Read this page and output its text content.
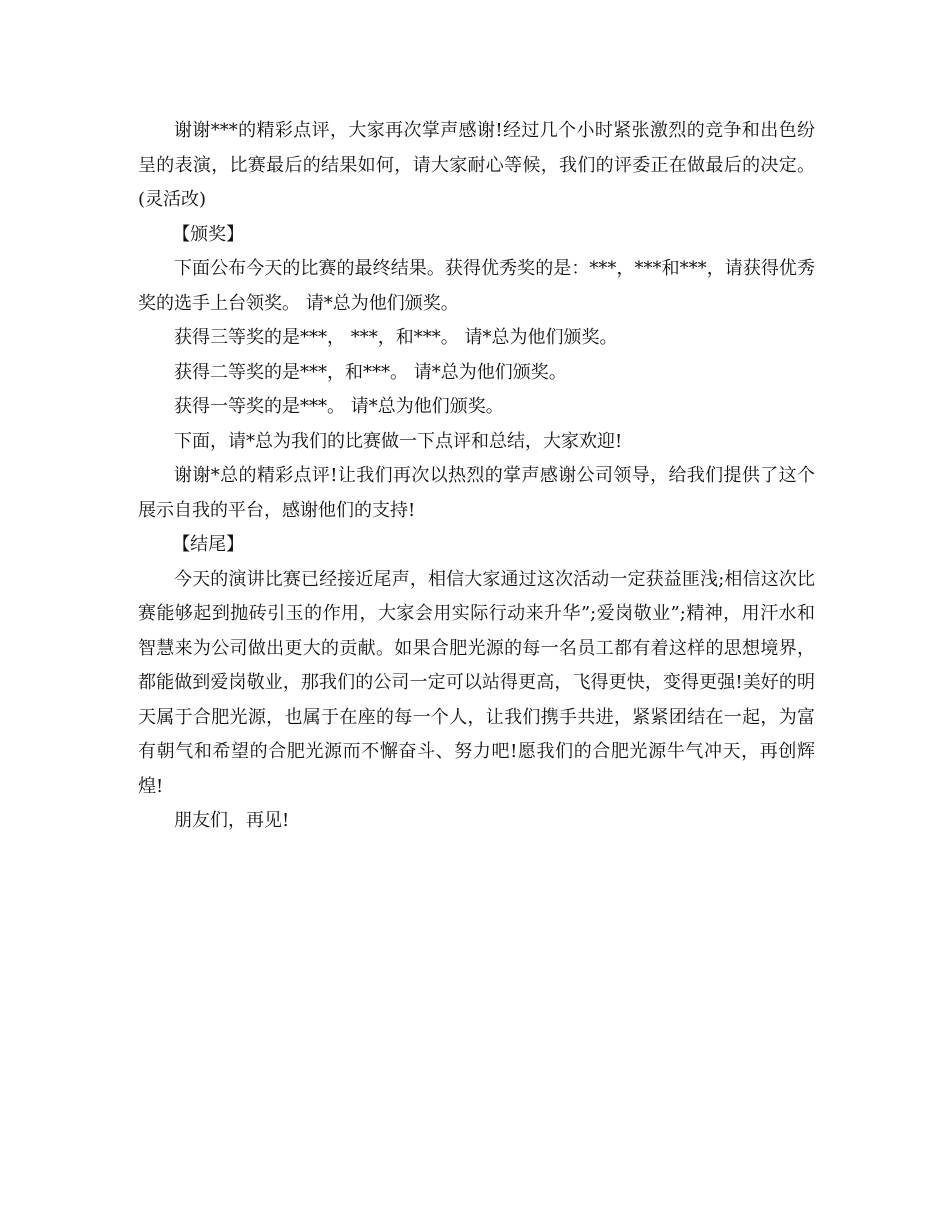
谢谢***的精彩点评，大家再次掌声感谢!经过几个小时紧张激烈的竞争和出色纷呈的表演，比赛最后的结果如何，请大家耐心等候，我们的评委正在做最后的决定。(灵活改)

【颁奖】

下面公布今天的比赛的最终结果。获得优秀奖的是：***，***和***，请获得优秀奖的选手上台领奖。 请*总为他们颁奖。

获得三等奖的是***， ***，和***。 请*总为他们颁奖。

获得二等奖的是***，和***。 请*总为他们颁奖。

获得一等奖的是***。 请*总为他们颁奖。

下面，请*总为我们的比赛做一下点评和总结，大家欢迎!

谢谢*总的精彩点评!让我们再次以热烈的掌声感谢公司领导，给我们提供了这个展示自我的平台，感谢他们的支持!

【结尾】

今天的演讲比赛已经接近尾声，相信大家通过这次活动一定获益匪浅;相信这次比赛能够起到抛砖引玉的作用，大家会用实际行动来升华”;爱岗敬业”;精神，用汗水和智慧来为公司做出更大的贡献。如果合肥光源的每一名员工都有着这样的思想境界，都能做到爱岗敬业，那我们的公司一定可以站得更高，飞得更快，变得更强!美好的明天属于合肥光源，也属于在座的每一个人，让我们携手共进，紧紧团结在一起，为富有朝气和希望的合肥光源而不懈奋斗、努力吧!愿我们的合肥光源牛气冲天，再创辉煌!

朋友们，再见!
